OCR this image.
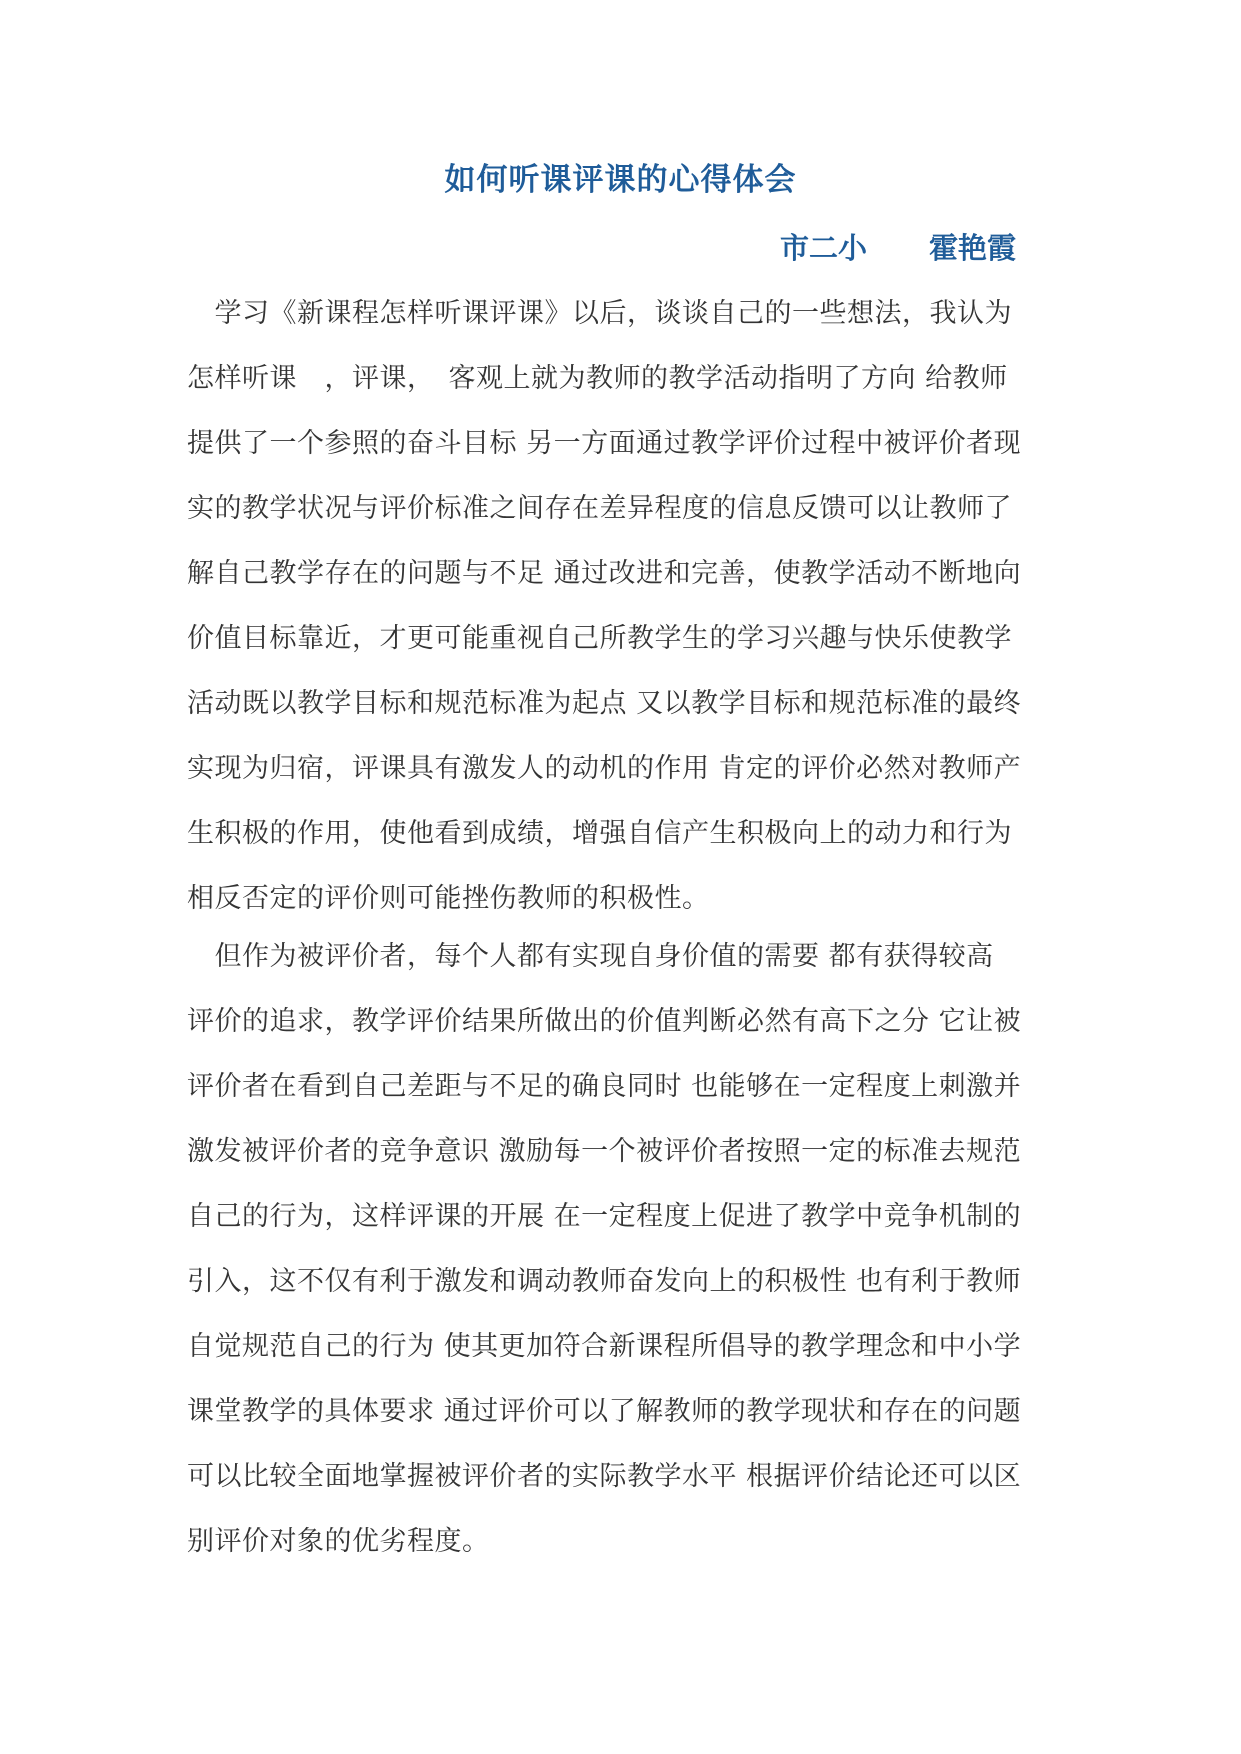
如何听课评课的心得体会
市二小 霍艳霞
　学习《新课程怎样听课评课》以后，谈谈自己的一些想法，我认为
怎样听课　，评课，　客观上就为教师的教学活动指明了方向 给教师
提供了一个参照的奋斗目标 另一方面通过教学评价过程中被评价者现
实的教学状况与评价标准之间存在差异程度的信息反馈可以让教师了
解自己教学存在的问题与不足 通过改进和完善，使教学活动不断地向
价值目标靠近，才更可能重视自己所教学生的学习兴趣与快乐使教学
活动既以教学目标和规范标准为起点 又以教学目标和规范标准的最终
实现为归宿，评课具有激发人的动机的作用 肯定的评价必然对教师产
生积极的作用，使他看到成绩，增强自信产生积极向上的动力和行为
相反否定的评价则可能挫伤教师的积极性。
　但作为被评价者，每个人都有实现自身价值的需要 都有获得较高
评价的追求，教学评价结果所做出的价值判断必然有高下之分 它让被
评价者在看到自己差距与不足的确良同时 也能够在一定程度上刺激并
激发被评价者的竞争意识 激励每一个被评价者按照一定的标准去规范
自己的行为，这样评课的开展 在一定程度上促进了教学中竞争机制的
引入，这不仅有利于激发和调动教师奋发向上的积极性 也有利于教师
自觉规范自己的行为 使其更加符合新课程所倡导的教学理念和中小学
课堂教学的具体要求 通过评价可以了解教师的教学现状和存在的问题
可以比较全面地掌握被评价者的实际教学水平 根据评价结论还可以区
别评价对象的优劣程度。
